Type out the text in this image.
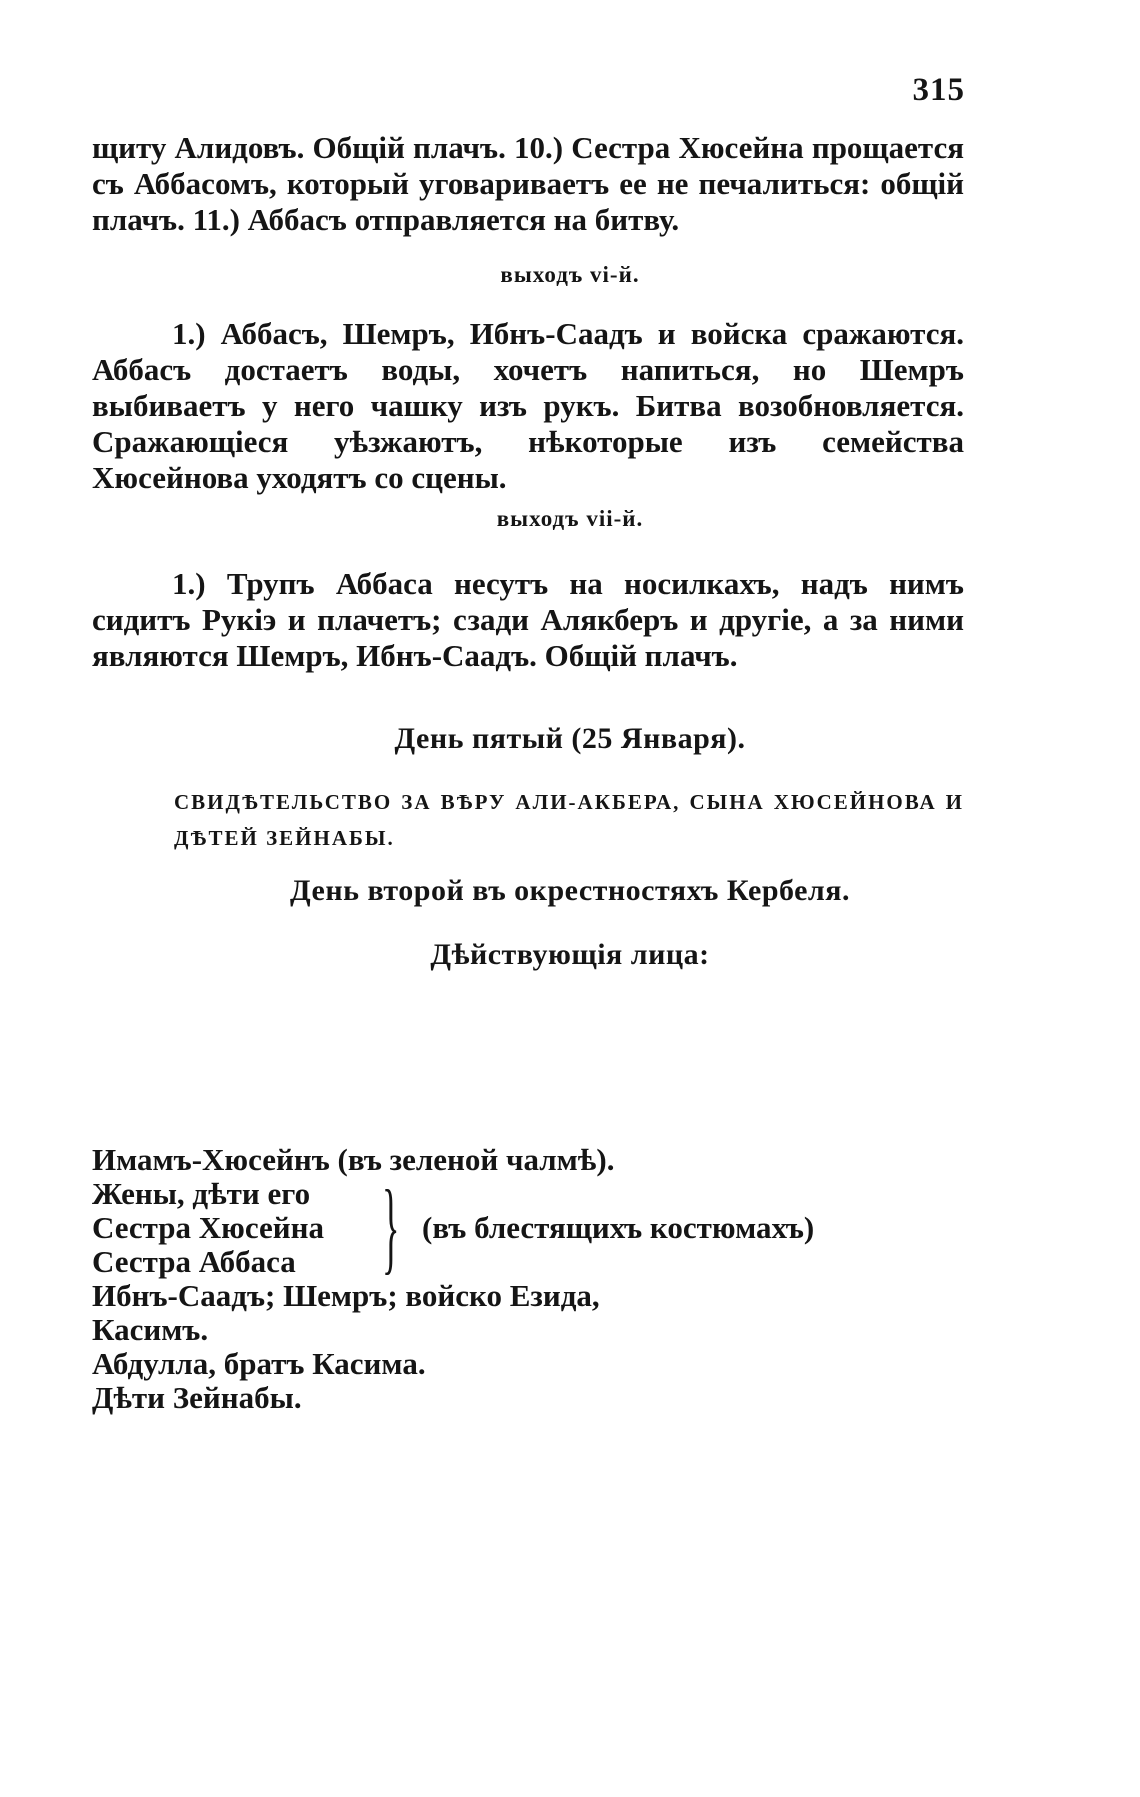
315

щиту Алидовъ. Общій плачъ. 10.) Сестра Хюсейна прощается съ Аббасомъ, который уговариваетъ ее не печалиться: общій плачъ. 11.) Аббасъ отправляется на битву.

выходъ vi-й.

1.) Аббасъ, Шемръ, Ибнъ-Саадъ и войска сражаются. Аббасъ достаетъ воды, хочетъ напиться, но Шемръ выбиваетъ у него чашку изъ рукъ. Битва возобновляется. Сражающіеся уѣзжаютъ, нѣкоторые изъ семейства Хюсейнова уходятъ со сцены.

выходъ vii-й.

1.) Трупъ Аббаса несутъ на носилкахъ, надъ нимъ сидитъ Рукіэ и плачетъ; сзади Алякберъ и другіе, а за ними являются Шемръ, Ибнъ-Саадъ. Общій плачъ.

День пятый (25 Января).
СВИДѢТЕЛЬСТВО ЗА ВѢРУ АЛИ-АКБЕРА, СЫНА ХЮСЕЙНОВА И ДѢТЕЙ ЗЕЙНАБЫ.
День второй въ окрестностяхъ Кербеля.
Дѣйствующія лица:
Имамъ-Хюсейнъ (въ зеленой чалмѣ).
Жены, дѣти его
Сестра Хюсейна
Сестра Аббаса } (въ блестящихъ костюмахъ)
Ибнъ-Саадъ; Шемръ; войско Езида,
Касимъ.
Абдулла, братъ Касима.
Дѣти Зейнабы.
